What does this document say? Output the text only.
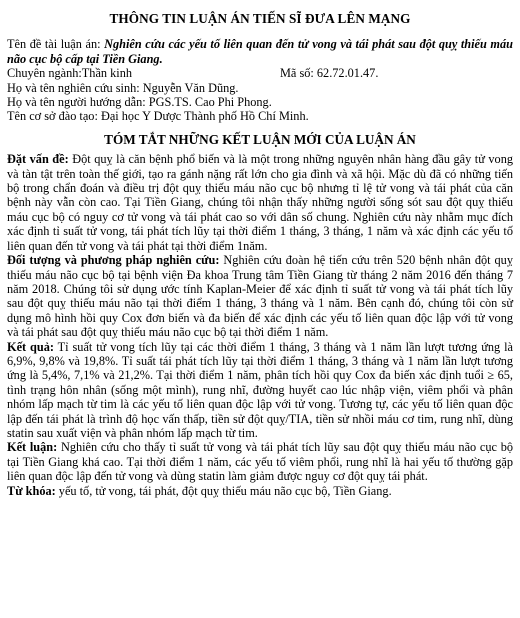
THÔNG TIN LUẬN ÁN TIẾN SĨ ĐƯA LÊN MẠNG

Tên đề tài luận án: Nghiên cứu các yếu tố liên quan đến tử vong và tái phát sau đột quỵ thiếu máu não cục bộ cấp tại Tiền Giang.

Chuyên ngành: Thần kinh	Mã số: 62.72.01.47.

Họ và tên nghiên cứu sinh: Nguyễn Văn Dũng.

Họ và tên người hướng dẫn: PGS.TS. Cao Phi Phong.

Tên cơ sở đào tạo: Đại học Y Dược Thành phố Hồ Chí Minh.

TÓM TẮT NHỮNG KẾT LUẬN MỚI CỦA LUẬN ÁN

Đặt vấn đề: Đột quỵ là căn bệnh phổ biến và là một trong những nguyên nhân hàng đầu gây tử vong và tàn tật trên toàn thế giới, tạo ra gánh nặng rất lớn cho gia đình và xã hội. Mặc dù đã có những tiến bộ trong chẩn đoán và điều trị đột quỵ thiếu máu não cục bộ nhưng tỉ lệ tử vong và tái phát của căn bệnh này vẫn còn cao. Tại Tiền Giang, chúng tôi nhận thấy những người sống sót sau đột quỵ thiếu máu cục bộ có nguy cơ tử vong và tái phát cao so với dân số chung. Nghiên cứu này nhằm mục đích xác định tỉ suất tử vong, tái phát tích lũy tại thời điểm 1 tháng, 3 tháng, 1 năm và xác định các yếu tố liên quan đến tử vong và tái phát tại thời điểm 1năm.

Đối tượng và phương pháp nghiên cứu: Nghiên cứu đoàn hệ tiến cứu trên 520 bệnh nhân đột quỵ thiếu máu não cục bộ tại bệnh viện Đa khoa Trung tâm Tiền Giang từ tháng 2 năm 2016 đến tháng 7 năm 2018. Chúng tôi sử dụng ước tính Kaplan-Meier để xác định tỉ suất tử vong và tái phát tích lũy sau đột quỵ thiếu máu não tại thời điểm 1 tháng, 3 tháng và 1 năm. Bên cạnh đó, chúng tôi còn sử dụng mô hình hồi quy Cox đơn biến và đa biến để xác định các yếu tố liên quan độc lập với tử vong và tái phát sau đột quỵ thiếu máu não cục bộ tại thời điểm 1 năm.

Kết quả: Tỉ suất tử vong tích lũy tại các thời điểm 1 tháng, 3 tháng và 1 năm lần lượt tương ứng là 6,9%, 9,8% và 19,8%. Tỉ suất tái phát tích lũy tại thời điểm 1 tháng, 3 tháng và 1 năm lần lượt tương ứng là 5,4%, 7,1% và 21,2%. Tại thời điểm 1 năm, phân tích hồi quy Cox đa biến xác định tuổi ≥ 65, tình trạng hôn nhân (sống một mình), rung nhĩ, đường huyết cao lúc nhập viện, viêm phổi và phân nhóm lấp mạch từ tim là các yếu tố liên quan độc lập với tử vong. Tương tự, các yếu tố liên quan độc lập đến tái phát là trình độ học vấn thấp, tiền sử đột quỵ/TIA, tiền sử nhồi máu cơ tim, rung nhĩ, dùng statin sau xuất viện và phân nhóm lấp mạch từ tim.

Kết luận: Nghiên cứu cho thấy tỉ suất tử vong và tái phát tích lũy sau đột quỵ thiếu máu não cục bộ tại Tiền Giang khá cao. Tại thời điểm 1 năm, các yếu tố viêm phổi, rung nhĩ là hai yếu tố thường gặp liên quan độc lập đến tử vong và dùng statin làm giảm được nguy cơ đột quỵ tái phát.

Từ khóa: yếu tố, tử vong, tái phát, đột quỵ thiếu máu não cục bộ, Tiền Giang.
